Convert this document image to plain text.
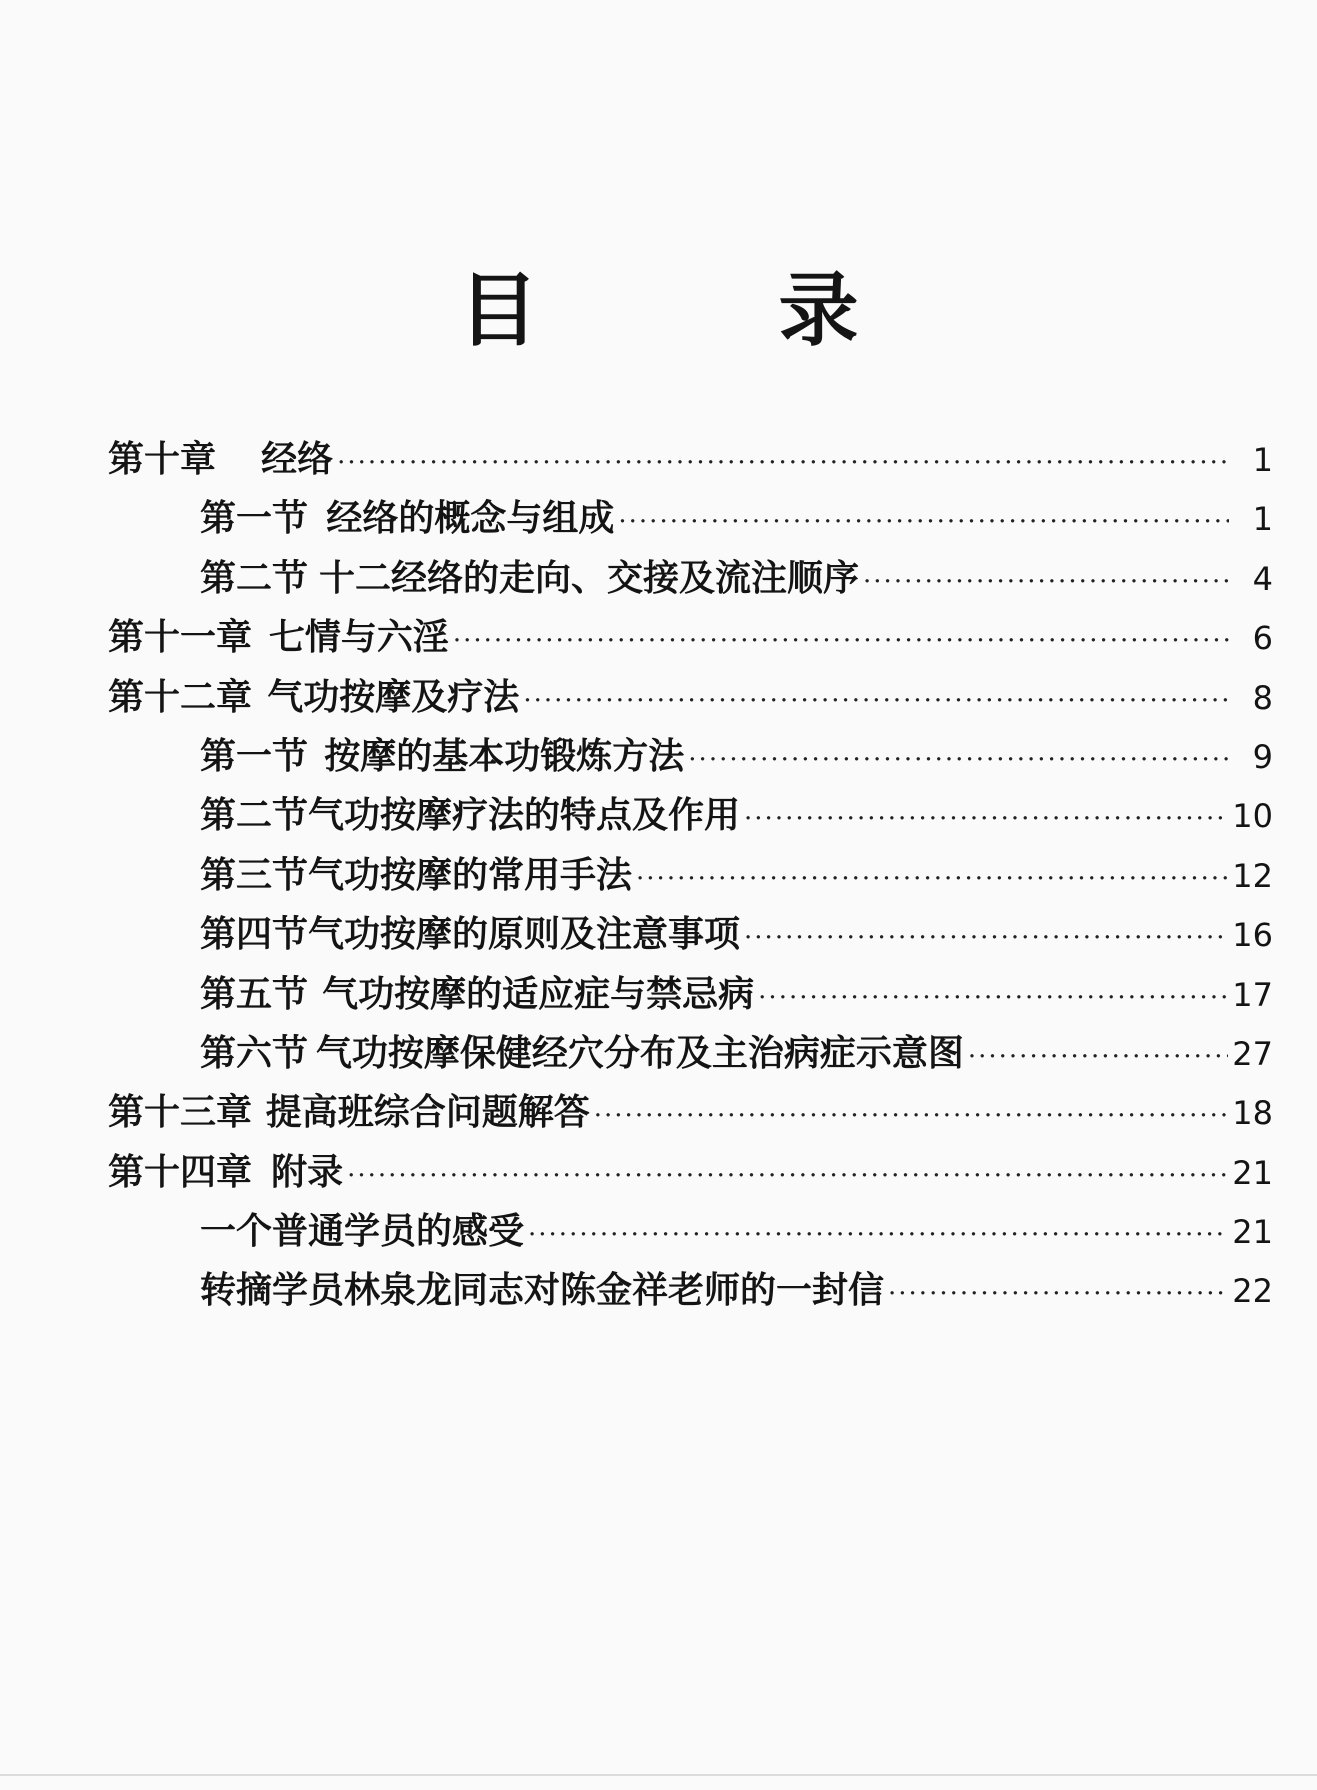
目　录
第十章 经络 ·····	1
第一节 经络的概念与组成 ·····	1
第二节 十二经络的走向、交接及流注顺序 ·····	4
第十一章 七情与六淫 ·····	6
第十二章 气功按摩及疗法 ·····	8
第一节 按摩的基本功锻炼方法 ·····	9
第二节 气功按摩疗法的特点及作用 ·····	10
第三节 气功按摩的常用手法 ·····	12
第四节 气功按摩的原则及注意事项 ·····	16
第五节 气功按摩的适应症与禁忌病 ·····	17
第六节 气功按摩保健经穴分布及主治病症示意图 ·····	27
第十三章 提高班综合问题解答 ·····	18
第十四章 附录 ·····	21
一个普通学员的感受 ·····	21
转摘学员林泉龙同志对陈金祥老师的一封信 ·····	22
